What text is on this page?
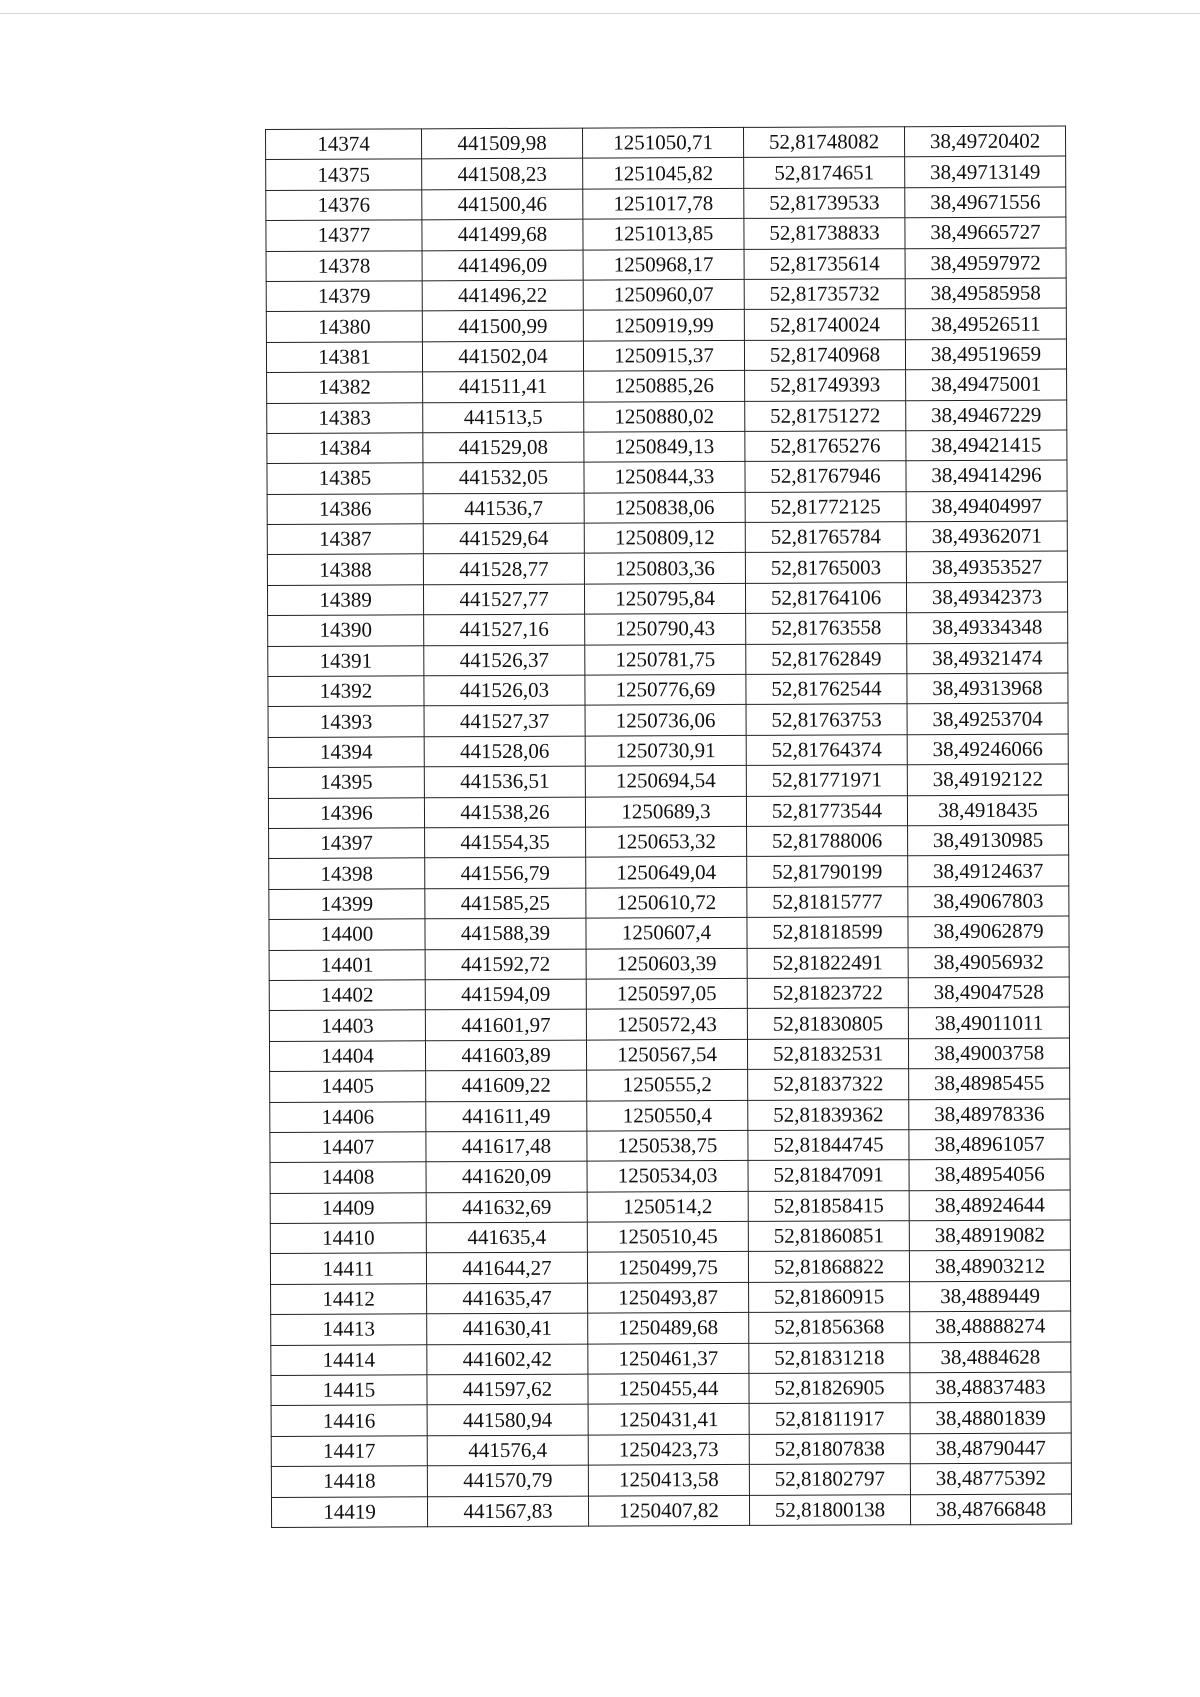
14374	441509,98	1251050,71	52,81748082	38,49720402
14375	441508,23	1251045,82	52,8174651	38,49713149
14376	441500,46	1251017,78	52,81739533	38,49671556
14377	441499,68	1251013,85	52,81738833	38,49665727
14378	441496,09	1250968,17	52,81735614	38,49597972
14379	441496,22	1250960,07	52,81735732	38,49585958
14380	441500,99	1250919,99	52,81740024	38,49526511
14381	441502,04	1250915,37	52,81740968	38,49519659
14382	441511,41	1250885,26	52,81749393	38,49475001
14383	441513,5	1250880,02	52,81751272	38,49467229
14384	441529,08	1250849,13	52,81765276	38,49421415
14385	441532,05	1250844,33	52,81767946	38,49414296
14386	441536,7	1250838,06	52,81772125	38,49404997
14387	441529,64	1250809,12	52,81765784	38,49362071
14388	441528,77	1250803,36	52,81765003	38,49353527
14389	441527,77	1250795,84	52,81764106	38,49342373
14390	441527,16	1250790,43	52,81763558	38,49334348
14391	441526,37	1250781,75	52,81762849	38,49321474
14392	441526,03	1250776,69	52,81762544	38,49313968
14393	441527,37	1250736,06	52,81763753	38,49253704
14394	441528,06	1250730,91	52,81764374	38,49246066
14395	441536,51	1250694,54	52,81771971	38,49192122
14396	441538,26	1250689,3	52,81773544	38,4918435
14397	441554,35	1250653,32	52,81788006	38,49130985
14398	441556,79	1250649,04	52,81790199	38,49124637
14399	441585,25	1250610,72	52,81815777	38,49067803
14400	441588,39	1250607,4	52,81818599	38,49062879
14401	441592,72	1250603,39	52,81822491	38,49056932
14402	441594,09	1250597,05	52,81823722	38,49047528
14403	441601,97	1250572,43	52,81830805	38,49011011
14404	441603,89	1250567,54	52,81832531	38,49003758
14405	441609,22	1250555,2	52,81837322	38,48985455
14406	441611,49	1250550,4	52,81839362	38,48978336
14407	441617,48	1250538,75	52,81844745	38,48961057
14408	441620,09	1250534,03	52,81847091	38,48954056
14409	441632,69	1250514,2	52,81858415	38,48924644
14410	441635,4	1250510,45	52,81860851	38,48919082
14411	441644,27	1250499,75	52,81868822	38,48903212
14412	441635,47	1250493,87	52,81860915	38,4889449
14413	441630,41	1250489,68	52,81856368	38,48888274
14414	441602,42	1250461,37	52,81831218	38,4884628
14415	441597,62	1250455,44	52,81826905	38,48837483
14416	441580,94	1250431,41	52,81811917	38,48801839
14417	441576,4	1250423,73	52,81807838	38,48790447
14418	441570,79	1250413,58	52,81802797	38,48775392
14419	441567,83	1250407,82	52,81800138	38,48766848
